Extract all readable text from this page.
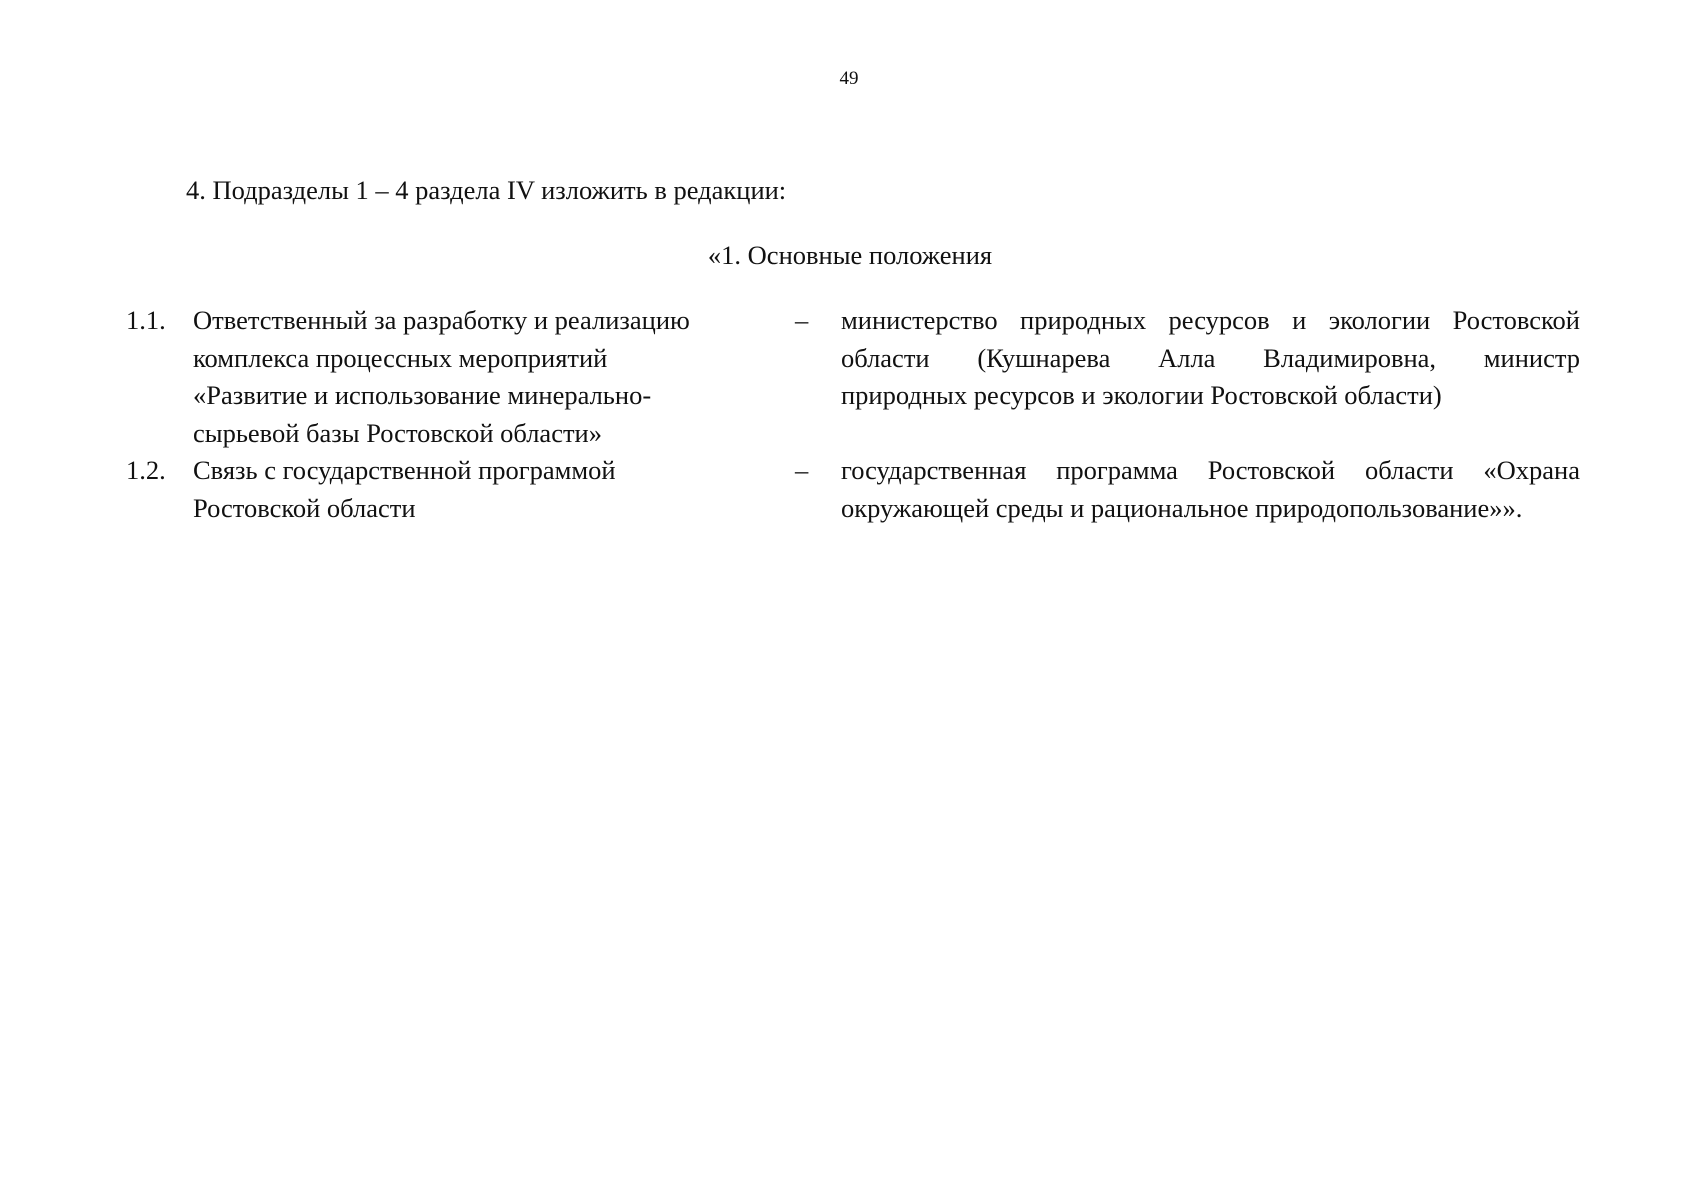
49
4. Подразделы 1 – 4 раздела IV изложить в редакции:
«1. Основные положения
1.1. Ответственный за разработку и реализацию
комплекса процессных мероприятий
«Развитие и использование минерально-
сырьевой базы Ростовской области»
– министерство природных ресурсов и экологии Ростовской
области (Кушнарева Алла Владимировна, министр
природных ресурсов и экологии Ростовской области)
1.2. Связь с государственной программой
Ростовской области
– государственная программа Ростовской области «Охрана
окружающей среды и рациональное природопользование»».
